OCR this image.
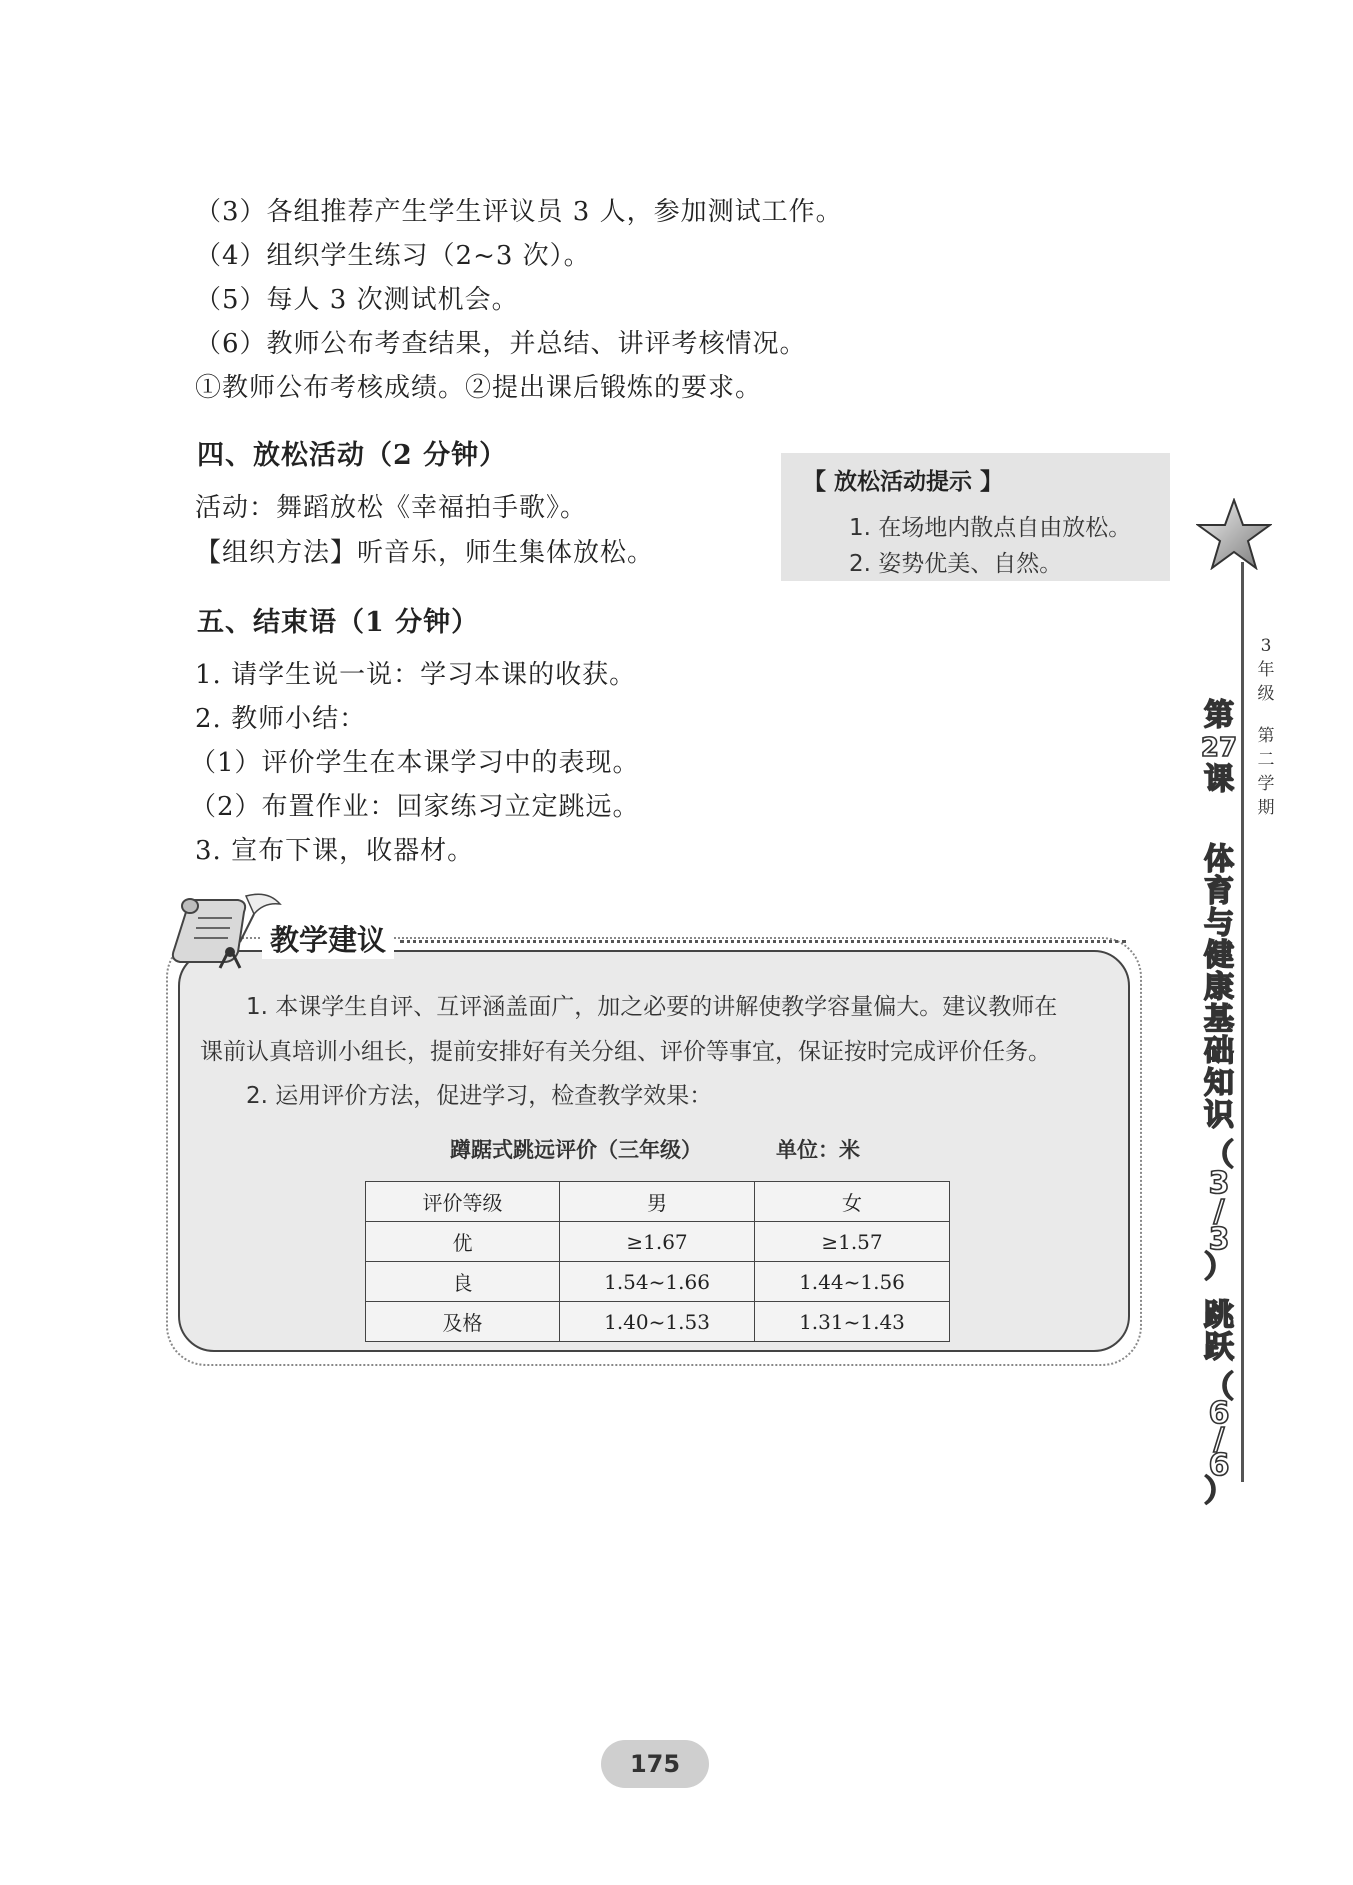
（3）各组推荐产生学生评议员 3 人，参加测试工作。
（4）组织学生练习（2~3 次）。
（5）每人 3 次测试机会。
（6）教师公布考查结果，并总结、讲评考核情况。
①教师公布考核成绩。②提出课后锻炼的要求。
四、放松活动（2 分钟）
活动：舞蹈放松《幸福拍手歌》。
【组织方法】听音乐，师生集体放松。
【 放松活动提示 】
1. 在场地内散点自由放松。
2. 姿势优美、自然。
五、结束语（1 分钟）
1. 请学生说一说：学习本课的收获。
2. 教师小结：
（1）评价学生在本课学习中的表现。
（2）布置作业：回家练习立定跳远。
3. 宣布下课，收器材。
教学建议
1. 本课学生自评、互评涵盖面广，加之必要的讲解使教学容量偏大。建议教师在
课前认真培训小组长，提前安排好有关分组、评价等事宜，保证按时完成评价任务。
2. 运用评价方法，促进学习，检查教学效果：
蹲踞式跳远评价（三年级）	单位：米
评价等级	男	女
优	≥1.67	≥1.57
良	1.54~1.66	1.44~1.56
及格	1.40~1.53	1.31~1.43
3
年
级
第
二
学
期
第
27
课
体
育
与
健
康
基
础
知
识
（
3
/
3
）
跳
跃
（
6
/
6
）
175
